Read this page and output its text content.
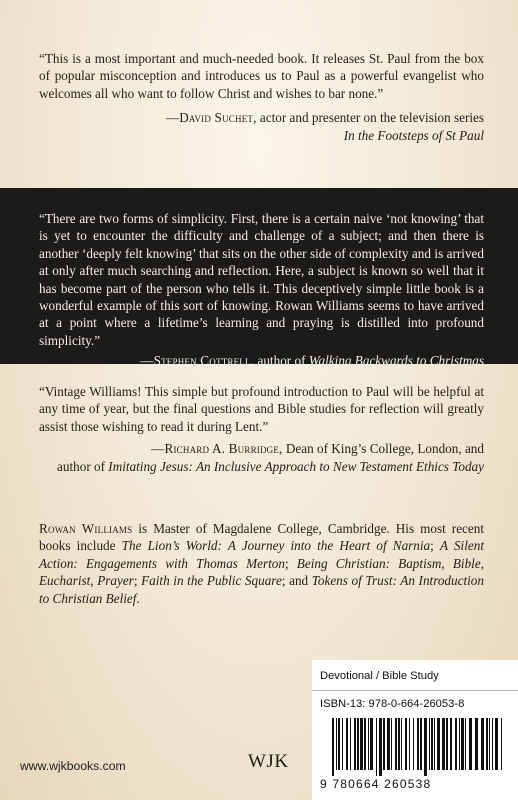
“This is a most important and much-needed book. It releases St. Paul from the box of popular misconception and introduces us to Paul as a powerful evangelist who welcomes all who want to follow Christ and wishes to bar none.”

—David Suchet, actor and presenter on the television series
In the Footsteps of St Paul

“There are two forms of simplicity. First, there is a certain naive ‘not knowing’ that is yet to encounter the difficulty and challenge of a subject; and then there is another ‘deeply felt knowing’ that sits on the other side of complexity and is arrived at only after much searching and reflection. Here, a subject is known so well that it has become part of the person who tells it. This deceptively simple little book is a wonderful example of this sort of knowing. Rowan Williams seems to have arrived at a point where a lifetime’s learning and praying is distilled into profound simplicity.”

—Stephen Cottrell, author of Walking Backwards to Christmas

“Vintage Williams! This simple but profound introduction to Paul will be helpful at any time of year, but the final questions and Bible studies for reflection will greatly assist those wishing to read it during Lent.”

—Richard A. Burridge, Dean of King’s College, London, and
author of Imitating Jesus: An Inclusive Approach to New Testament Ethics Today

Rowan Williams is Master of Magdalene College, Cambridge. His most recent books include The Lion’s World: A Journey into the Heart of Narnia; A Silent Action: Engagements with Thomas Merton; Being Christian: Baptism, Bible, Eucharist, Prayer; Faith in the Public Square; and Tokens of Trust: An Introduction to Christian Belief.

Devotional / Bible Study
ISBN-13: 978-0-664-26053-8
9 780664 260538
www.wjkbooks.com	WJK
